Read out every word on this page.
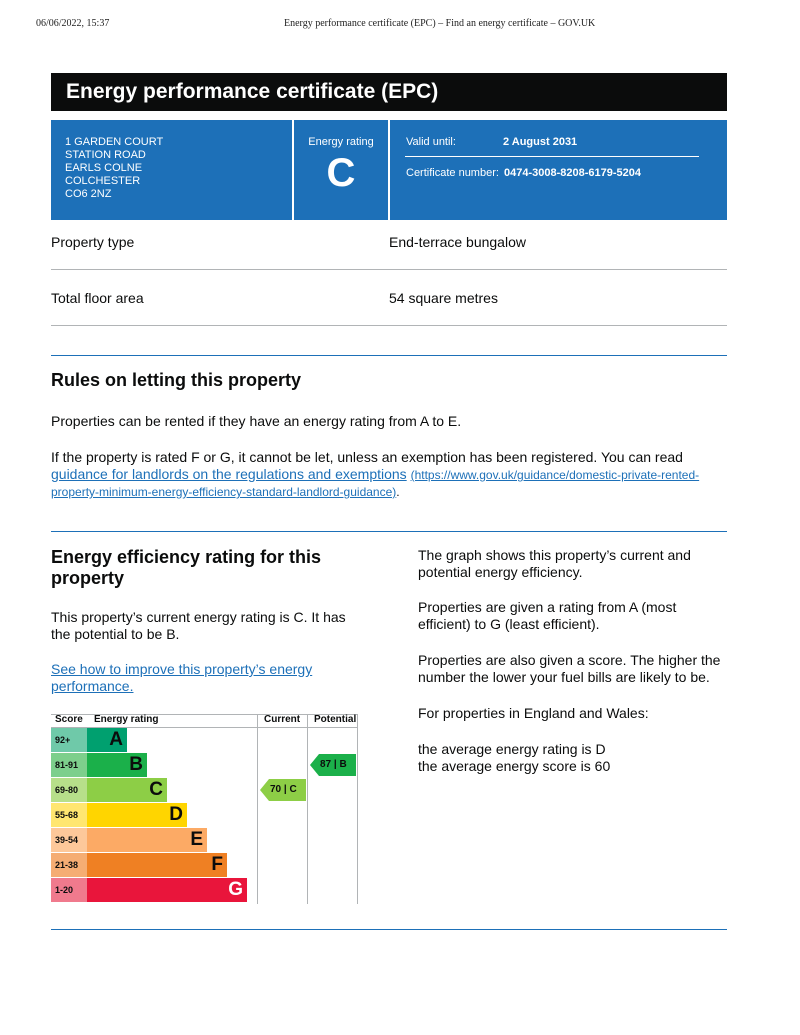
06/06/2022, 15:37	Energy performance certificate (EPC) – Find an energy certificate – GOV.UK
Energy performance certificate (EPC)
1 GARDEN COURT
STATION ROAD
EARLS COLNE
COLCHESTER
CO6 2NZ
Energy rating
C
Valid until:	2 August 2031
Certificate number: 0474-3008-8208-6179-5204
Property type	End-terrace bungalow
Total floor area	54 square metres
Rules on letting this property
Properties can be rented if they have an energy rating from A to E.
If the property is rated F or G, it cannot be let, unless an exemption has been registered. You can read
guidance for landlords on the regulations and exemptions (https://www.gov.uk/guidance/domestic-private-rented-
property-minimum-energy-efficiency-standard-landlord-guidance).
Energy efficiency rating for this
property
This property’s current energy rating is C. It has
the potential to be B.
See how to improve this property’s energy
performance.
The graph shows this property’s current and
potential energy efficiency.
Properties are given a rating from A (most
efficient) to G (least efficient).
Properties are also given a score. The higher the
number the lower your fuel bills are likely to be.
For properties in England and Wales:
the average energy rating is D
the average energy score is 60
Score Energy rating	Current Potential
92+	A
81-91	B
69-80	C
55-68	D
39-54	E
21-38	F
1-20	G
70 | C
87 | B
